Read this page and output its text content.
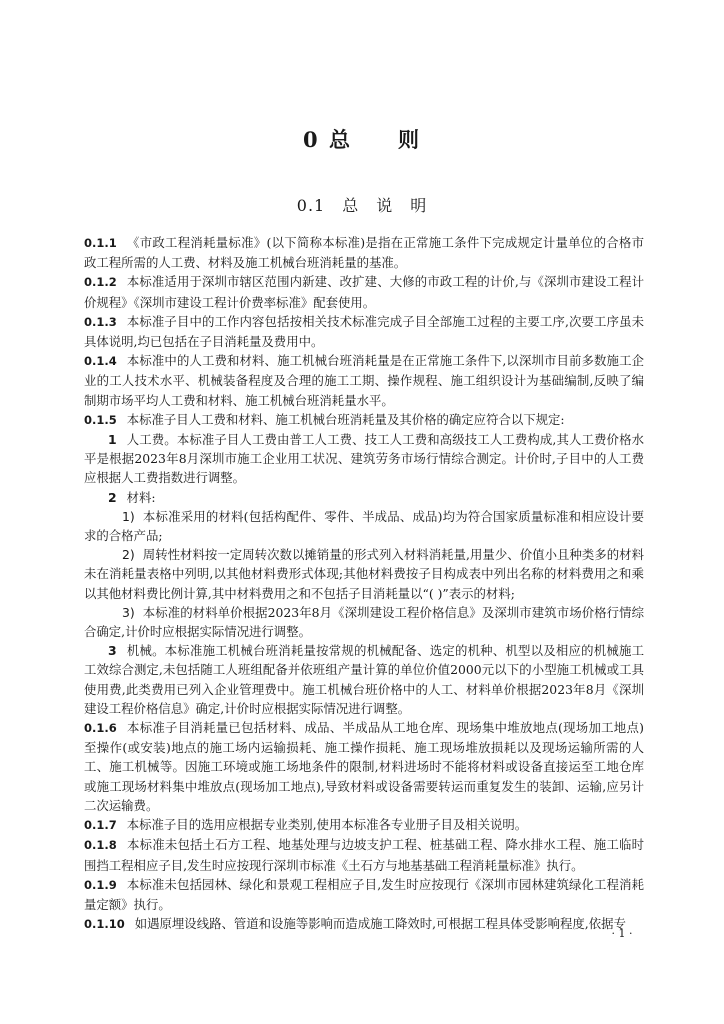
0 总　　则
0.1　总　说　明

0.1.1 《市政工程消耗量标准》(以下简称本标准)是指在正常施工条件下完成规定计量单位的合格市政工程所需的人工费、材料及施工机械台班消耗量的基准。

0.1.2 本标准适用于深圳市辖区范围内新建、改扩建、大修的市政工程的计价,与《深圳市建设工程计价规程》《深圳市建设工程计价费率标准》配套使用。

0.1.3 本标准子目中的工作内容包括按相关技术标准完成子目全部施工过程的主要工序,次要工序虽未具体说明,均已包括在子目消耗量及费用中。

0.1.4 本标准中的人工费和材料、施工机械台班消耗量是在正常施工条件下,以深圳市目前多数施工企业的工人技术水平、机械装备程度及合理的施工工期、操作规程、施工组织设计为基础编制,反映了编制期市场平均人工费和材料、施工机械台班消耗量水平。

0.1.5 本标准子目人工费和材料、施工机械台班消耗量及其价格的确定应符合以下规定:

1 人工费。本标准子目人工费由普工人工费、技工人工费和高级技工人工费构成,其人工费价格水平是根据2023年8月深圳市施工企业用工状况、建筑劳务市场行情综合测定。计价时,子目中的人工费应根据人工费指数进行调整。

2 材料:

1) 本标准采用的材料(包括构配件、零件、半成品、成品)均为符合国家质量标准和相应设计要求的合格产品;

2) 周转性材料按一定周转次数以摊销量的形式列入材料消耗量,用量少、价值小且种类多的材料未在消耗量表格中列明,以其他材料费形式体现;其他材料费按子目构成表中列出名称的材料费用之和乘以其他材料费比例计算,其中材料费用之和不包括子目消耗量以“( )”表示的材料;

3) 本标准的材料单价根据2023年8月《深圳建设工程价格信息》及深圳市建筑市场价格行情综合确定,计价时应根据实际情况进行调整。

3 机械。本标准施工机械台班消耗量按常规的机械配备、选定的机种、机型以及相应的机械施工工效综合测定,未包括随工人班组配备并依班组产量计算的单位价值2000元以下的小型施工机械或工具使用费,此类费用已列入企业管理费中。施工机械台班价格中的人工、材料单价根据2023年8月《深圳建设工程价格信息》确定,计价时应根据实际情况进行调整。

0.1.6 本标准子目消耗量已包括材料、成品、半成品从工地仓库、现场集中堆放地点(现场加工地点)至操作(或安装)地点的施工场内运输损耗、施工操作损耗、施工现场堆放损耗以及现场运输所需的人工、施工机械等。因施工环境或施工场地条件的限制,材料进场时不能将材料或设备直接运至工地仓库或施工现场材料集中堆放点(现场加工地点),导致材料或设备需要转运而重复发生的装卸、运输,应另计二次运输费。

0.1.7 本标准子目的选用应根据专业类别,使用本标准各专业册子目及相关说明。

0.1.8 本标准未包括土石方工程、地基处理与边坡支护工程、桩基础工程、降水排水工程、施工临时围挡工程相应子目,发生时应按现行深圳市标准《土石方与地基基础工程消耗量标准》执行。

0.1.9 本标准未包括园林、绿化和景观工程相应子目,发生时应按现行《深圳市园林建筑绿化工程消耗量定额》执行。

0.1.10 如遇原埋设线路、管道和设施等影响而造成施工降效时,可根据工程具体受影响程度,依据专

· 1 ·
